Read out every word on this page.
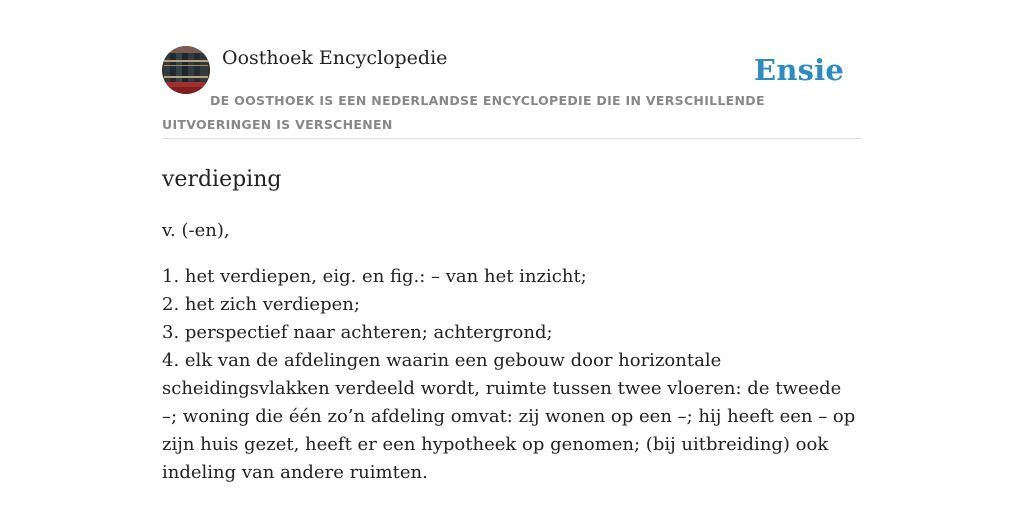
Oosthoek Encyclopedie	Ensie
DE OOSTHOEK IS EEN NEDERLANDSE ENCYCLOPEDIE DIE IN VERSCHILLENDE UITVOERINGEN IS VERSCHENEN
verdieping
v. (-en),

1. het verdiepen, eig. en fig.: – van het inzicht;

2. het zich verdiepen;

3. perspectief naar achteren; achtergrond;

4. elk van de afdelingen waarin een gebouw door horizontale scheidingsvlakken verdeeld wordt, ruimte tussen twee vloeren: de tweede –; woning die één zo’n afdeling omvat: zij wonen op een –; hij heeft een – op zijn huis gezet, heeft er een hypotheek op genomen; (bij uitbreiding) ook indeling van andere ruimten.
